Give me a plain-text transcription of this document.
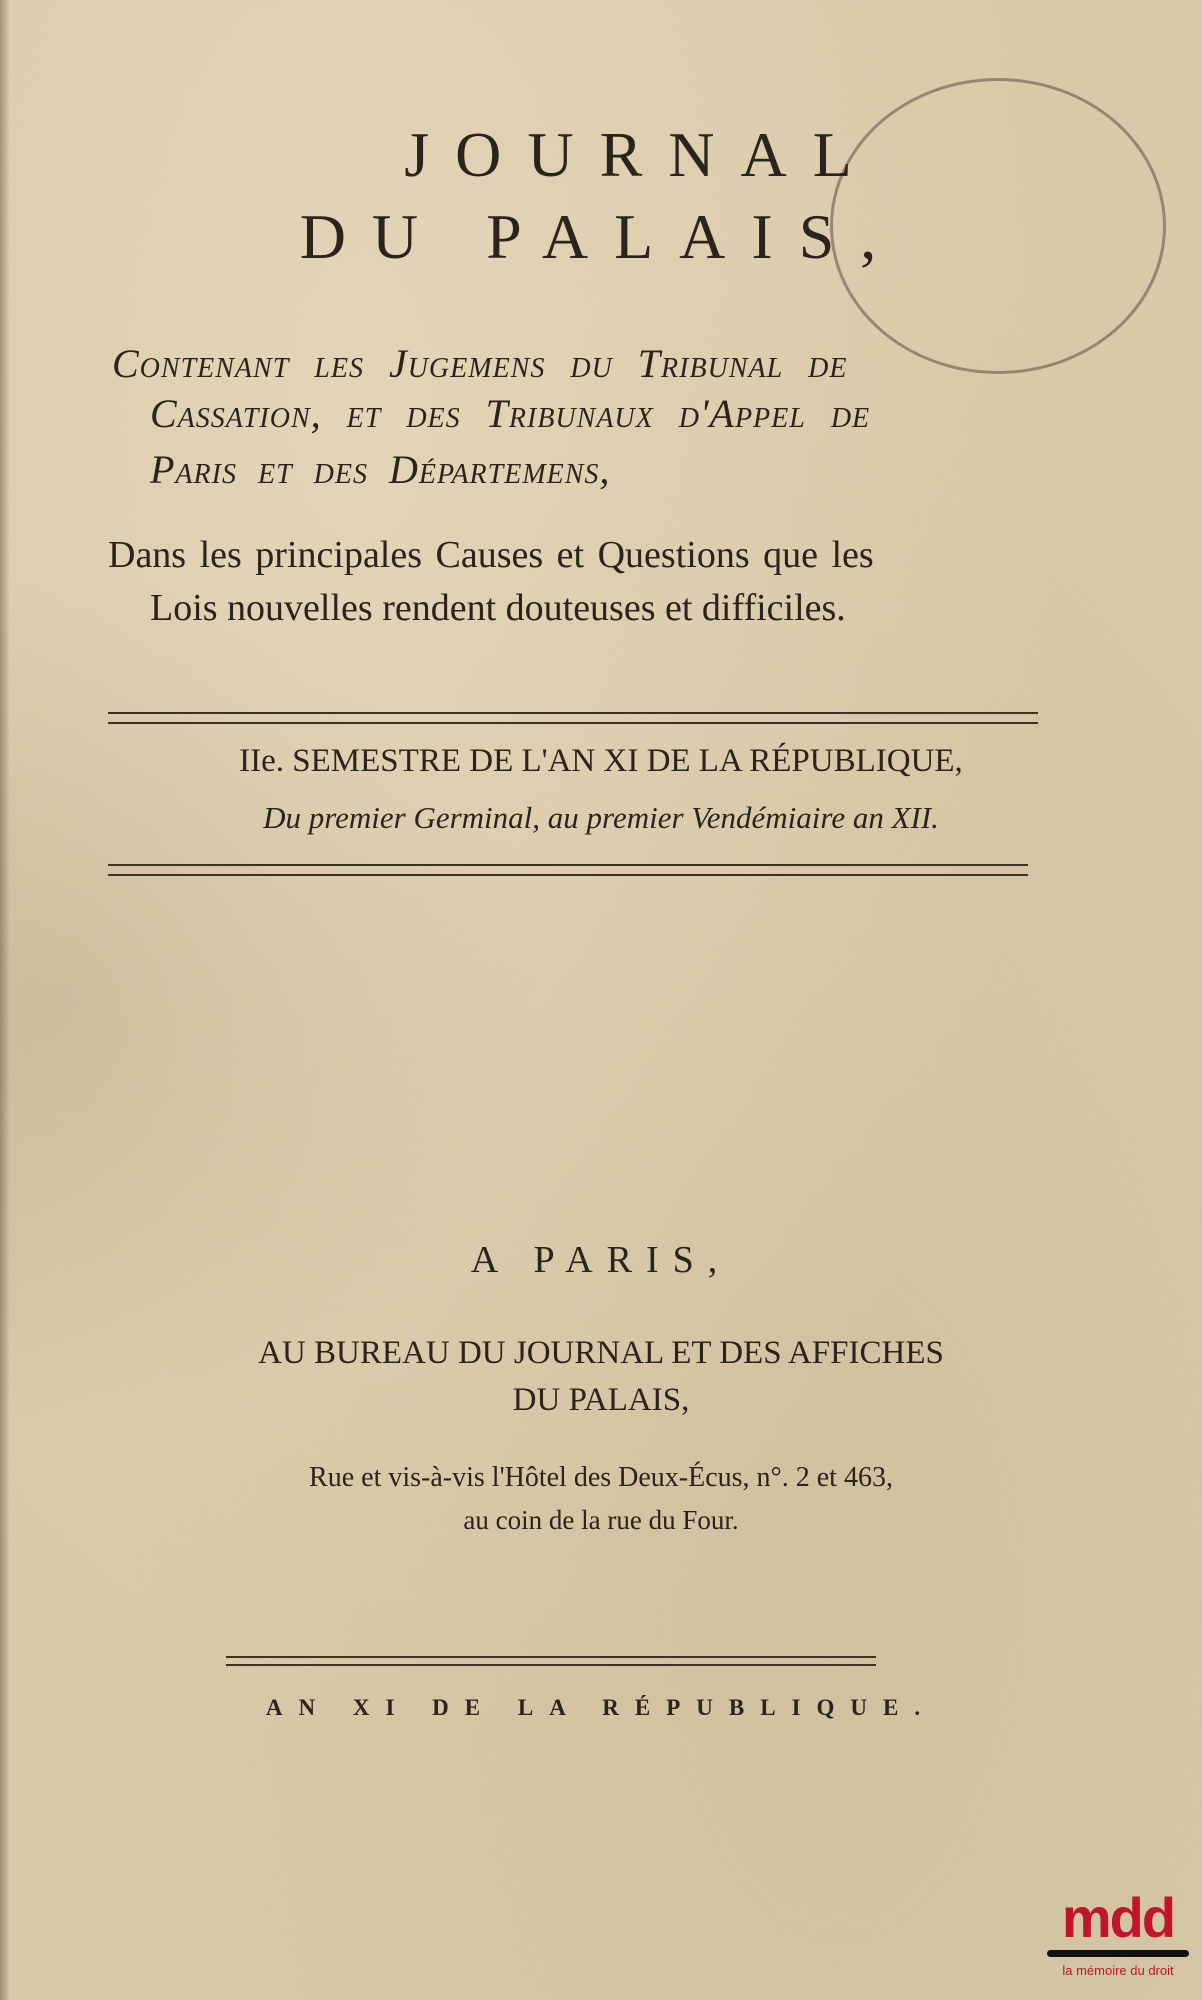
JOURNAL
DU PALAIS,
Contenant les Jugemens du Tribunal de
Cassation, et des Tribunaux d'Appel de
Paris et des Départemens,
Dans les principales Causes et Questions que les
Lois nouvelles rendent douteuses et difficiles.
IIe. SEMESTRE DE L'AN XI DE LA RÉPUBLIQUE,
Du premier Germinal, au premier Vendémiaire an XII.
A PARIS,
AU BUREAU DU JOURNAL ET DES AFFICHES
DU PALAIS,
Rue et vis-à-vis l'Hôtel des Deux-Écus, n°. 2 et 463,
au coin de la rue du Four.
AN XI DE LA RÉPUBLIQUE.
mdd
la mémoire du droit
